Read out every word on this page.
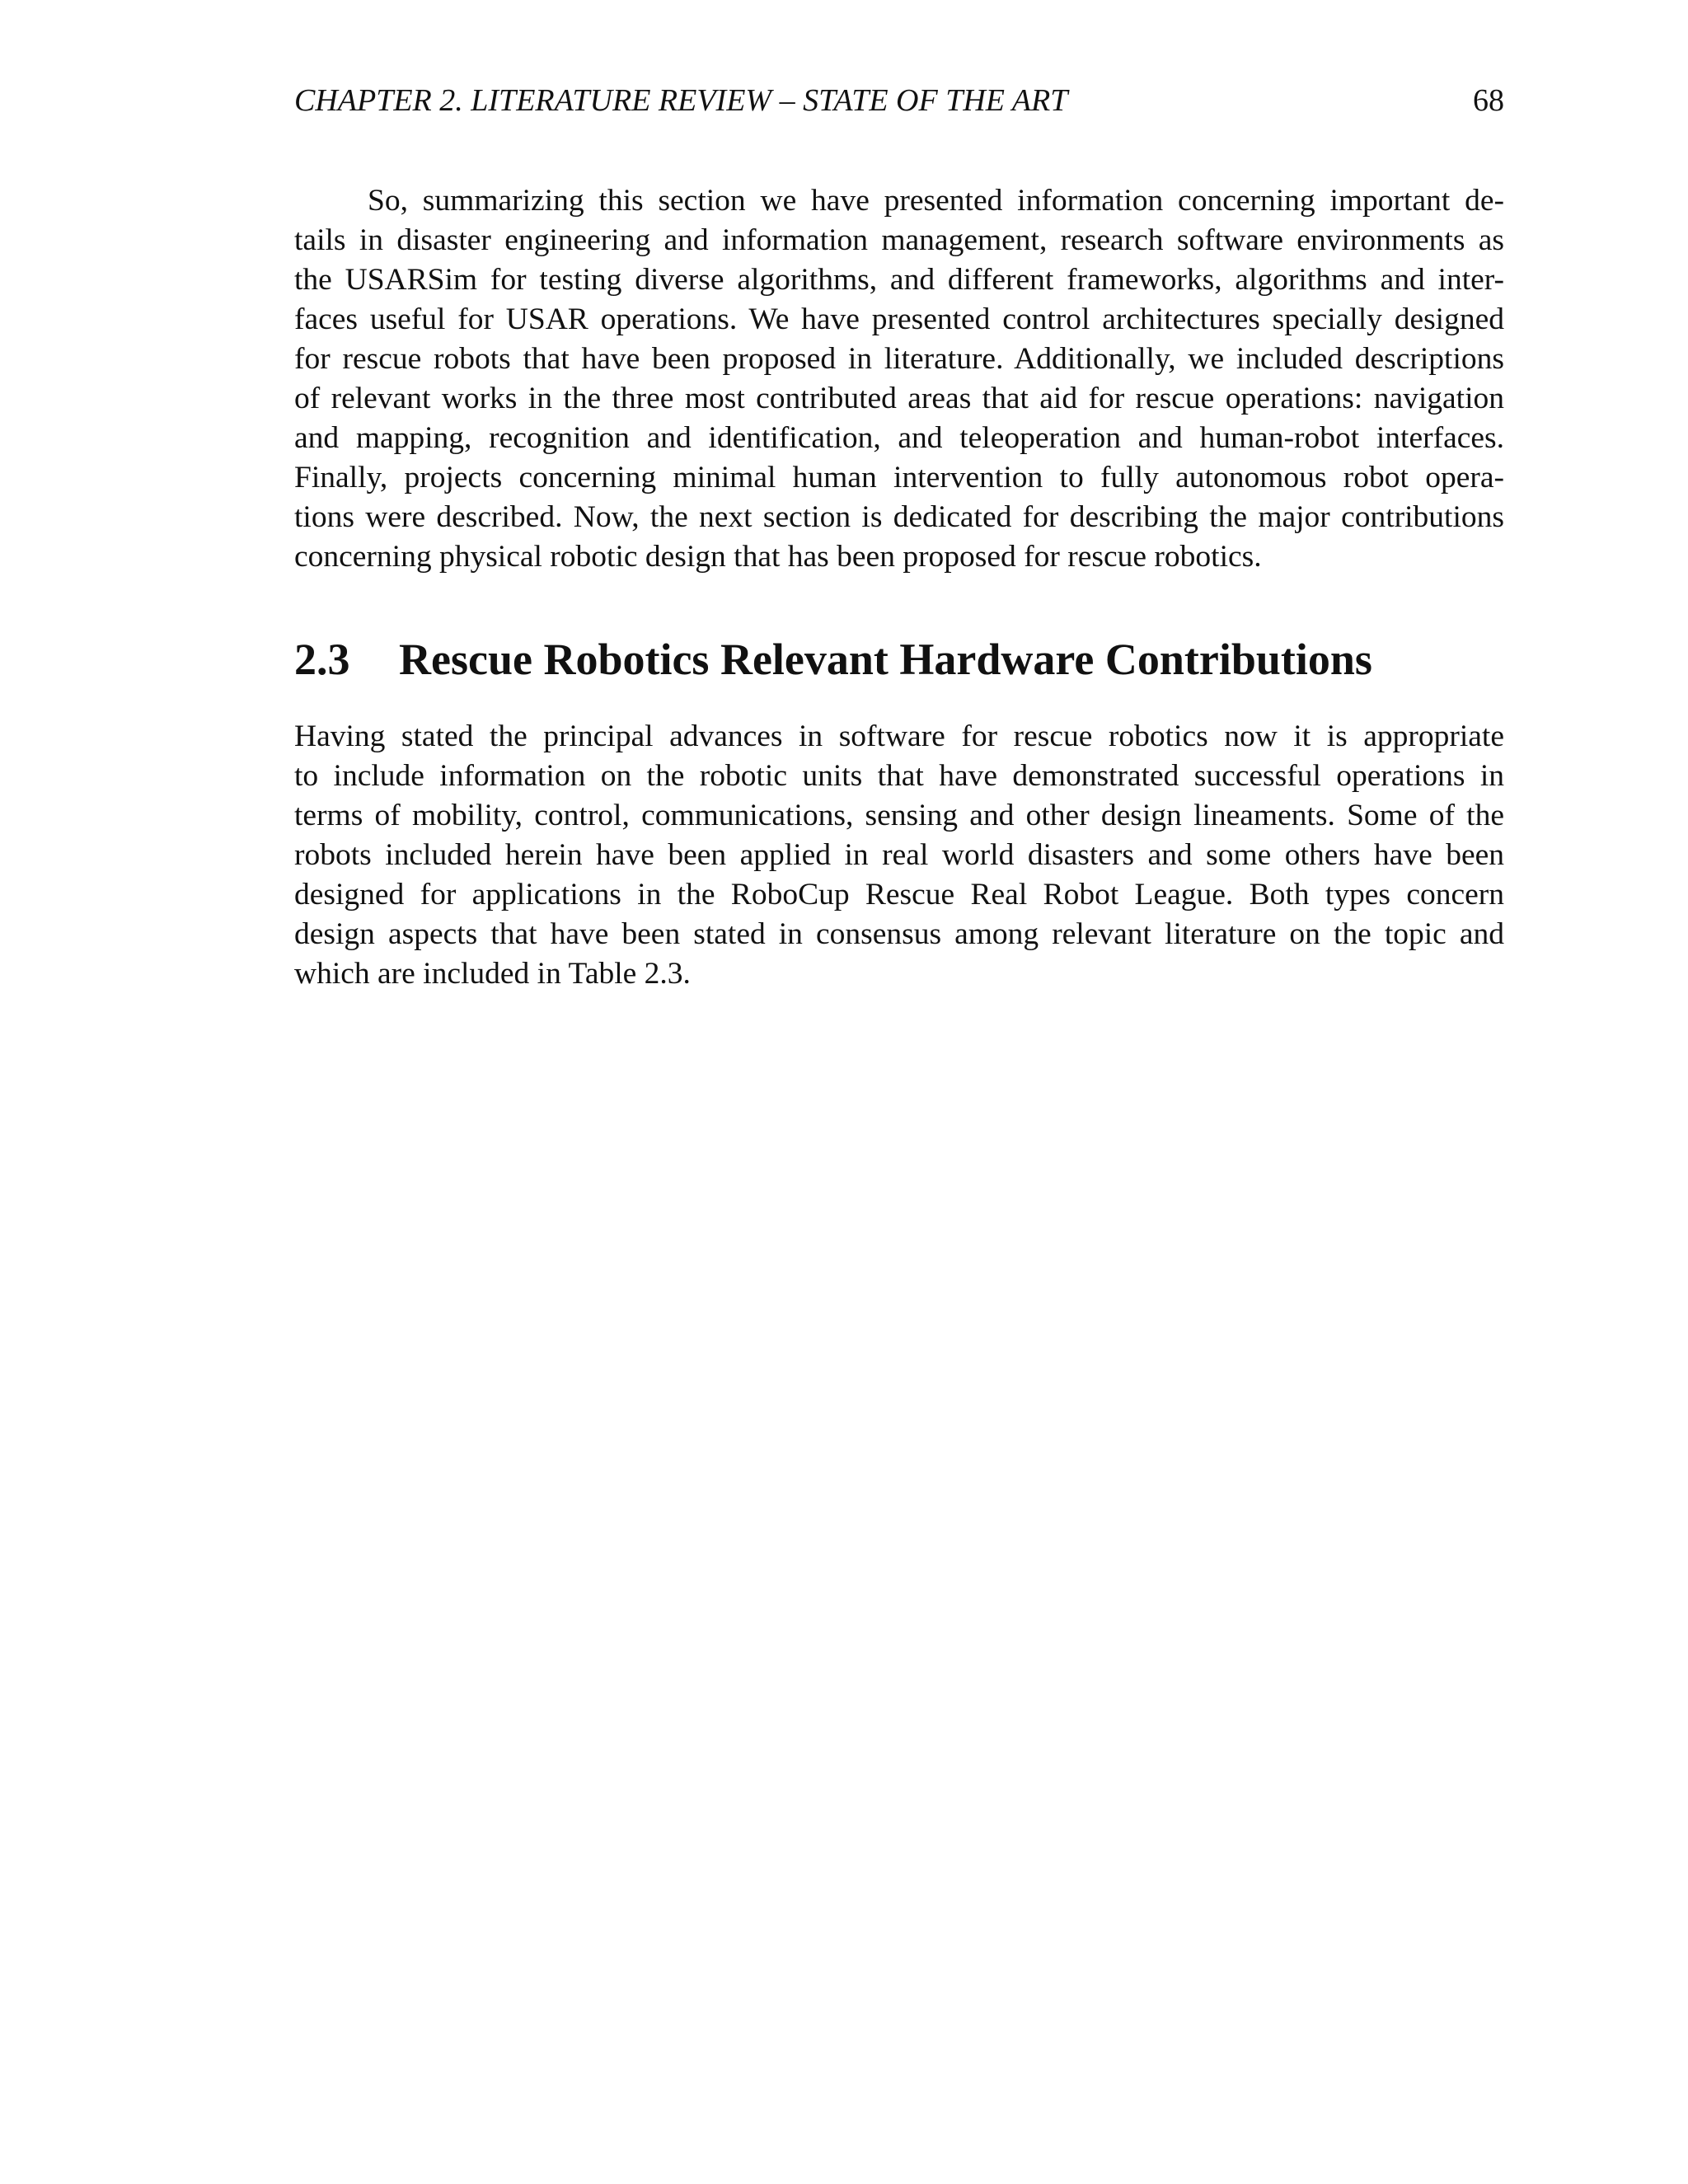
CHAPTER 2. LITERATURE REVIEW – STATE OF THE ART	68
So, summarizing this section we have presented information concerning important de-
tails in disaster engineering and information management, research software environments as
the USARSim for testing diverse algorithms, and different frameworks, algorithms and inter-
faces useful for USAR operations. We have presented control architectures specially designed
for rescue robots that have been proposed in literature. Additionally, we included descriptions
of relevant works in the three most contributed areas that aid for rescue operations: navigation
and mapping, recognition and identification, and teleoperation and human-robot interfaces.
Finally, projects concerning minimal human intervention to fully autonomous robot opera-
tions were described. Now, the next section is dedicated for describing the major contributions
concerning physical robotic design that has been proposed for rescue robotics.
2.3 Rescue Robotics Relevant Hardware Contributions
Having stated the principal advances in software for rescue robotics now it is appropriate
to include information on the robotic units that have demonstrated successful operations in
terms of mobility, control, communications, sensing and other design lineaments. Some of the
robots included herein have been applied in real world disasters and some others have been
designed for applications in the RoboCup Rescue Real Robot League. Both types concern
design aspects that have been stated in consensus among relevant literature on the topic and
which are included in Table 2.3.
